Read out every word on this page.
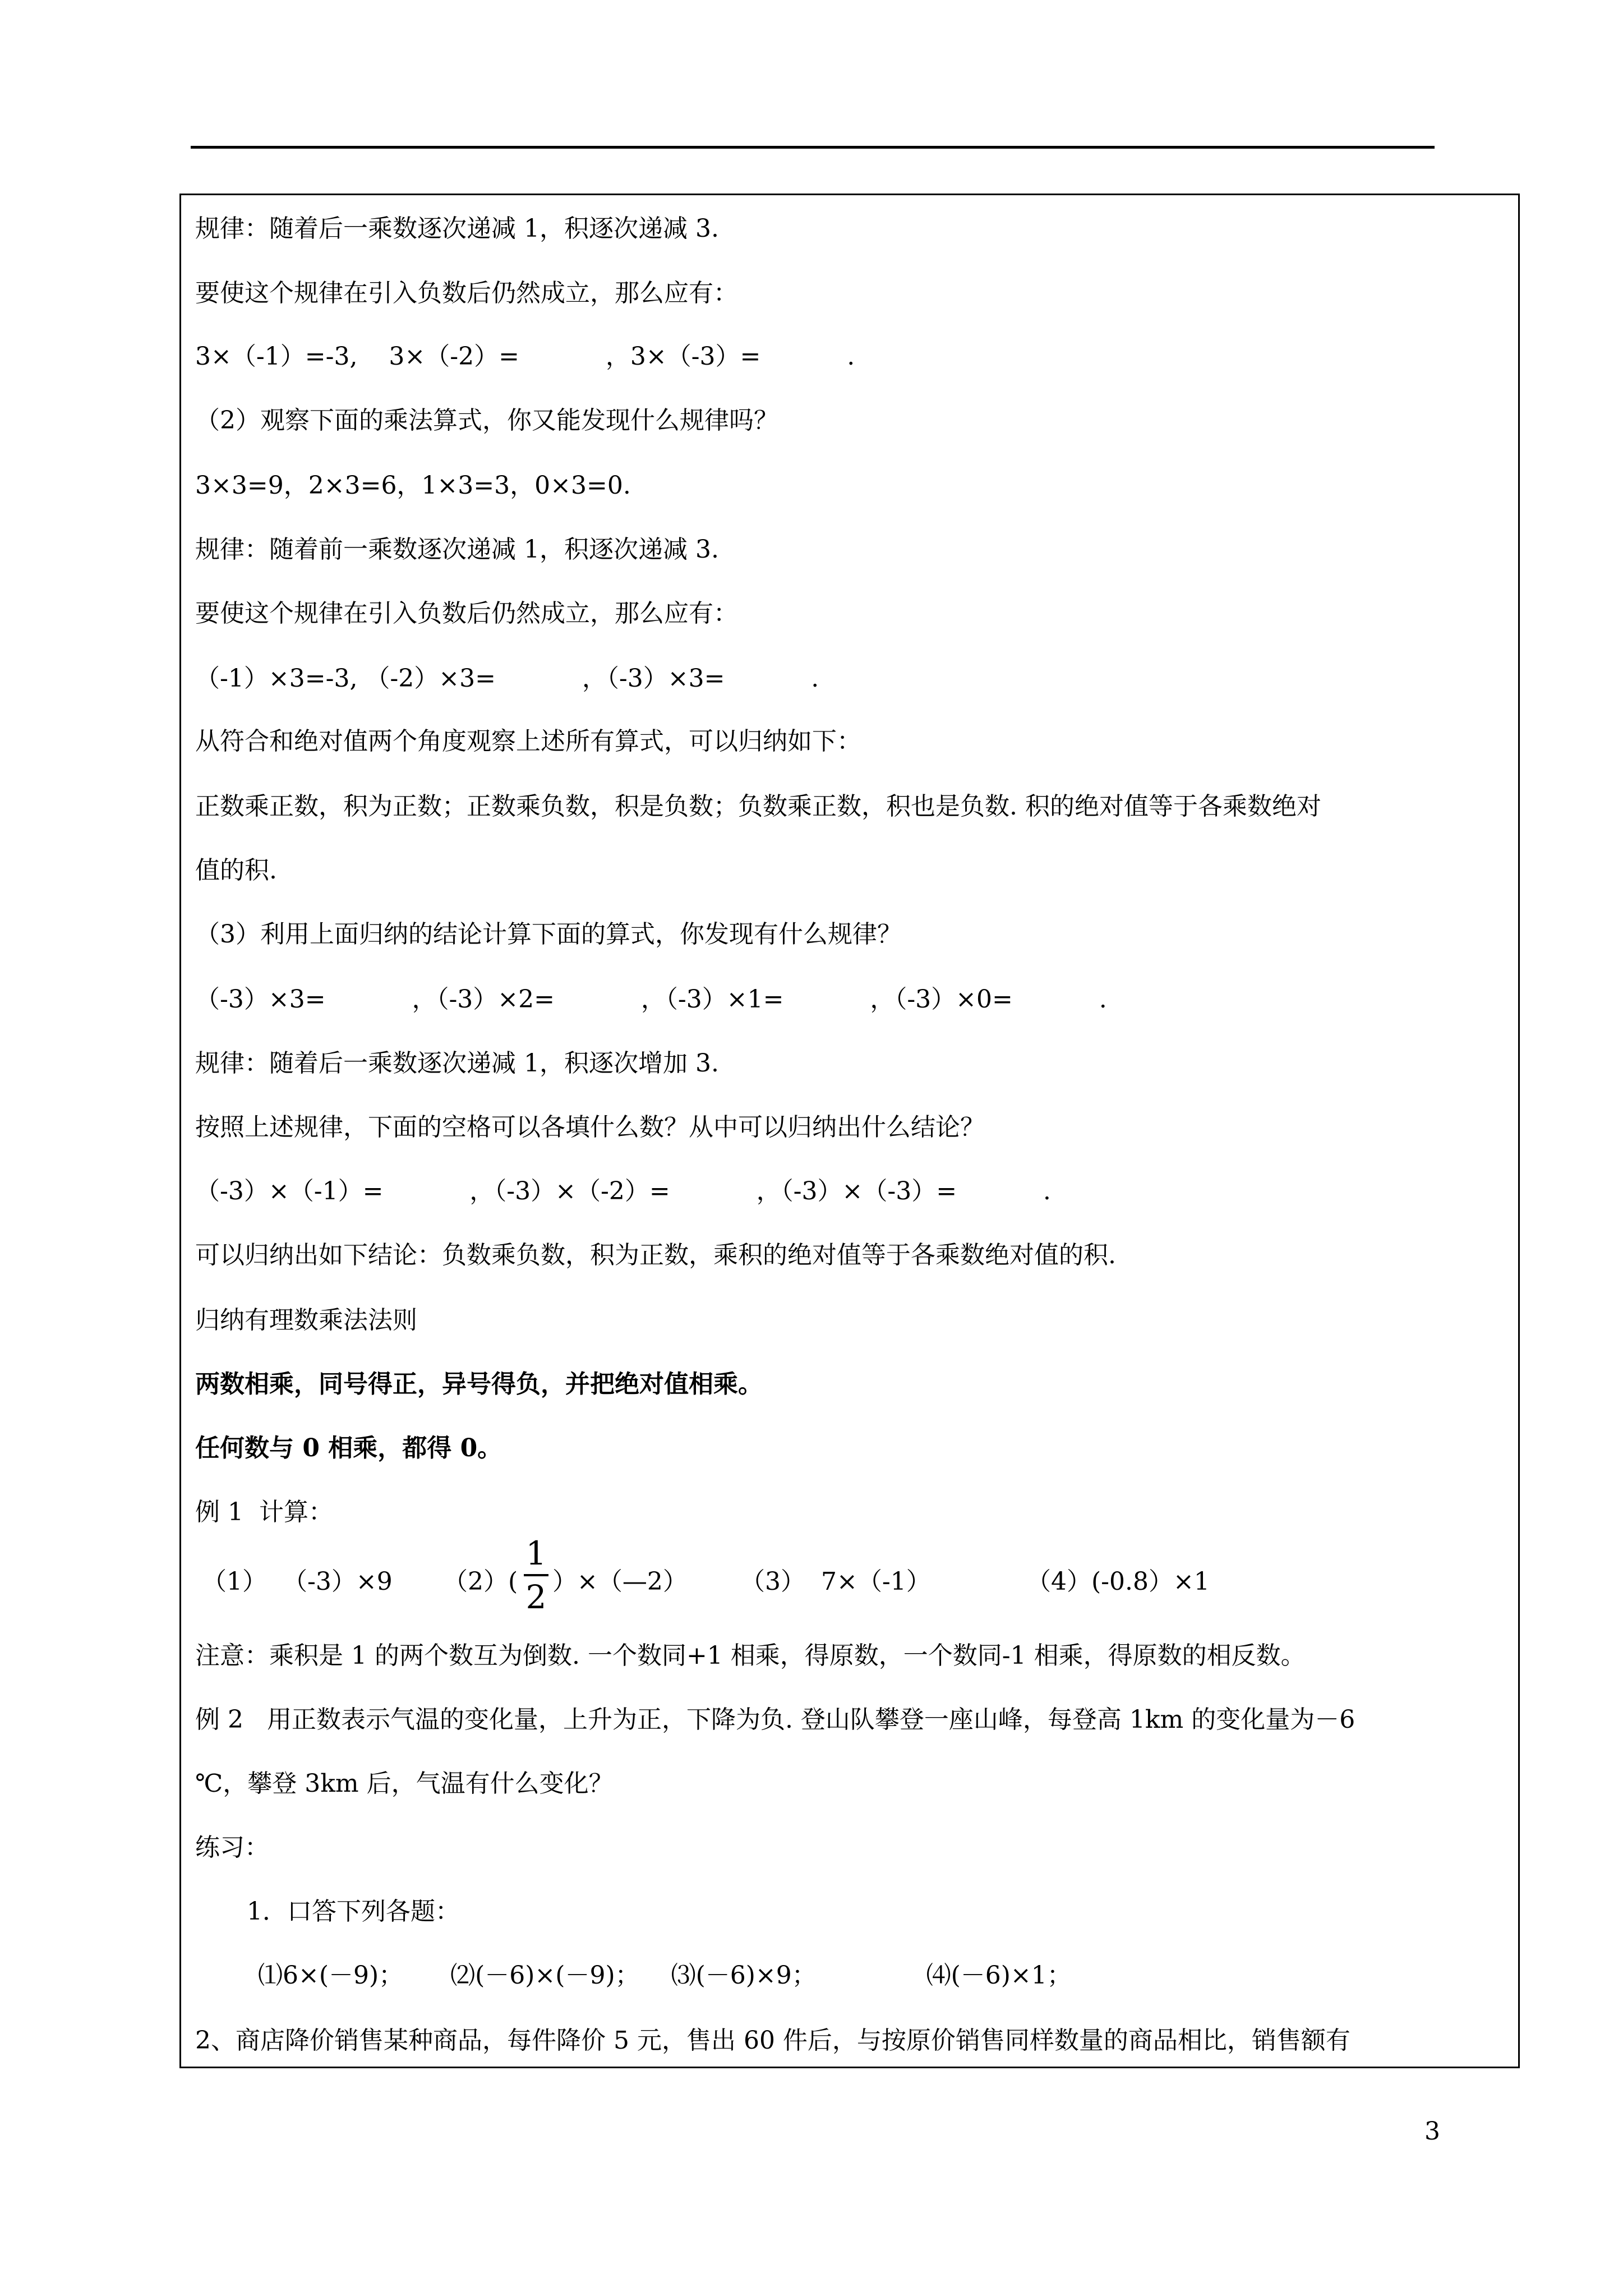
规律：随着后一乘数逐次递减 1，积逐次递减 3.
要使这个规律在引入负数后仍然成立，那么应有：
3×（-1）=-3,    3×（-2）=           ，3×（-3）=           .
（2）观察下面的乘法算式，你又能发现什么规律吗？
3×3=9，2×3=6，1×3=3，0×3=0.
规律：随着前一乘数逐次递减 1，积逐次递减 3.
要使这个规律在引入负数后仍然成立，那么应有：
（-1）×3=-3, （-2）×3=           ，（-3）×3=           .
从符合和绝对值两个角度观察上述所有算式，可以归纳如下：
正数乘正数，积为正数；正数乘负数，积是负数；负数乘正数，积也是负数. 积的绝对值等于各乘数绝对
值的积.
（3）利用上面归纳的结论计算下面的算式，你发现有什么规律？
（-3）×3=           ，（-3）×2=           ，（-3）×1=           ，（-3）×0=           .
规律：随着后一乘数逐次递减 1，积逐次增加 3.
按照上述规律，下面的空格可以各填什么数？从中可以归纳出什么结论？
（-3）×（-1）=           ，（-3）×（-2）=           ，（-3）×（-3）=           .
可以归纳出如下结论：负数乘负数，积为正数，乘积的绝对值等于各乘数绝对值的积.
归纳有理数乘法法则
两数相乘，同号得正，异号得负，并把绝对值相乘。
任何数与 0 相乘，都得 0。
例 1  计算：
（1）  （-3）×9 （2）(
1
2 ）×（—2） （3）  7×（-1）	（4）(-0.8）×1
注意：乘积是 1 的两个数互为倒数. 一个数同+1 相乘，得原数，一个数同-1 相乘，得原数的相反数。
例 2   用正数表示气温的变化量，上升为正，下降为负. 登山队攀登一座山峰，每登高 1km 的变化量为－6
℃，攀登 3km 后，气温有什么变化？
练习：
1．口答下列各题：
⑴6×(－9)；      ⑵(－6)×(－9)；    ⑶(－6)×9；              ⑷(－6)×1；
2、商店降价销售某种商品，每件降价 5 元，售出 60 件后，与按原价销售同样数量的商品相比，销售额有
3
